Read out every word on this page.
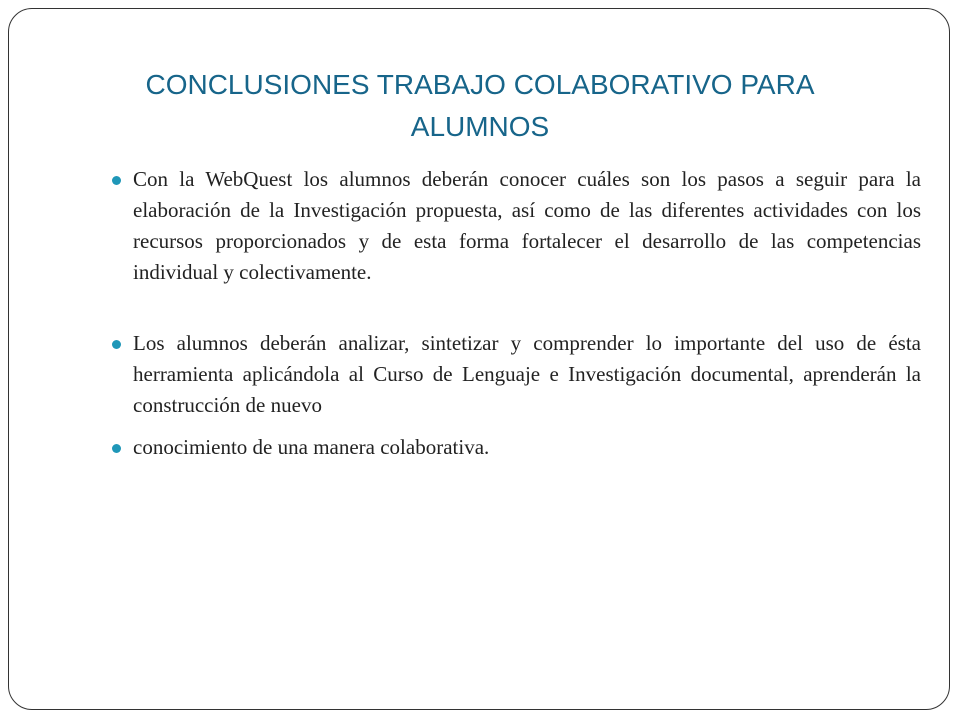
CONCLUSIONES TRABAJO COLABORATIVO PARA
ALUMNOS
Con la WebQuest los alumnos deberán conocer cuáles son los pasos a seguir para la elaboración de la Investigación propuesta, así como de las diferentes actividades con los recursos proporcionados y de esta forma fortalecer el desarrollo de las competencias individual y colectivamente.
Los alumnos deberán analizar, sintetizar y comprender lo importante del uso de ésta herramienta aplicándola al Curso de Lenguaje e Investigación documental, aprenderán la construcción de nuevo
conocimiento de una manera colaborativa.
